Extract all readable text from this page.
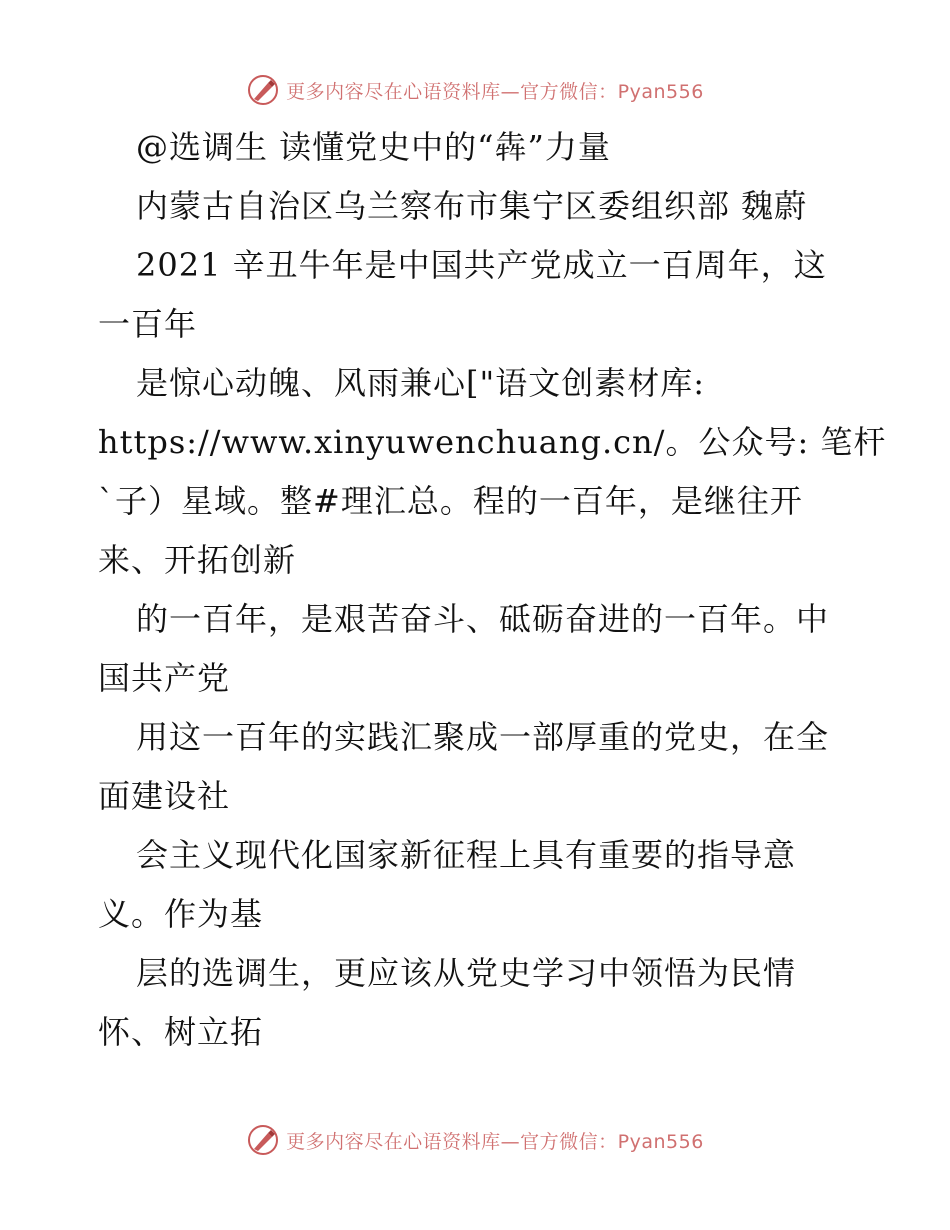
更多内容尽在心语资料库—官方微信：Pyan556
@选调生 读懂党史中的“犇”力量
内蒙古自治区乌兰察布市集宁区委组织部 魏蔚
2021 辛丑牛年是中国共产党成立一百周年，这
一百年
是惊心动魄、风雨兼心["语文创素材库:
https://www.xinyuwenchuang.cn/。公众号: 笔杆
`子）星域。整#理汇总。程的一百年，是继往开
来、开拓创新
的一百年，是艰苦奋斗、砥砺奋进的一百年。中
国共产党
用这一百年的实践汇聚成一部厚重的党史，在全
面建设社
会主义现代化国家新征程上具有重要的指导意
义。作为基
层的选调生，更应该从党史学习中领悟为民情
怀、树立拓
更多内容尽在心语资料库—官方微信：Pyan556
